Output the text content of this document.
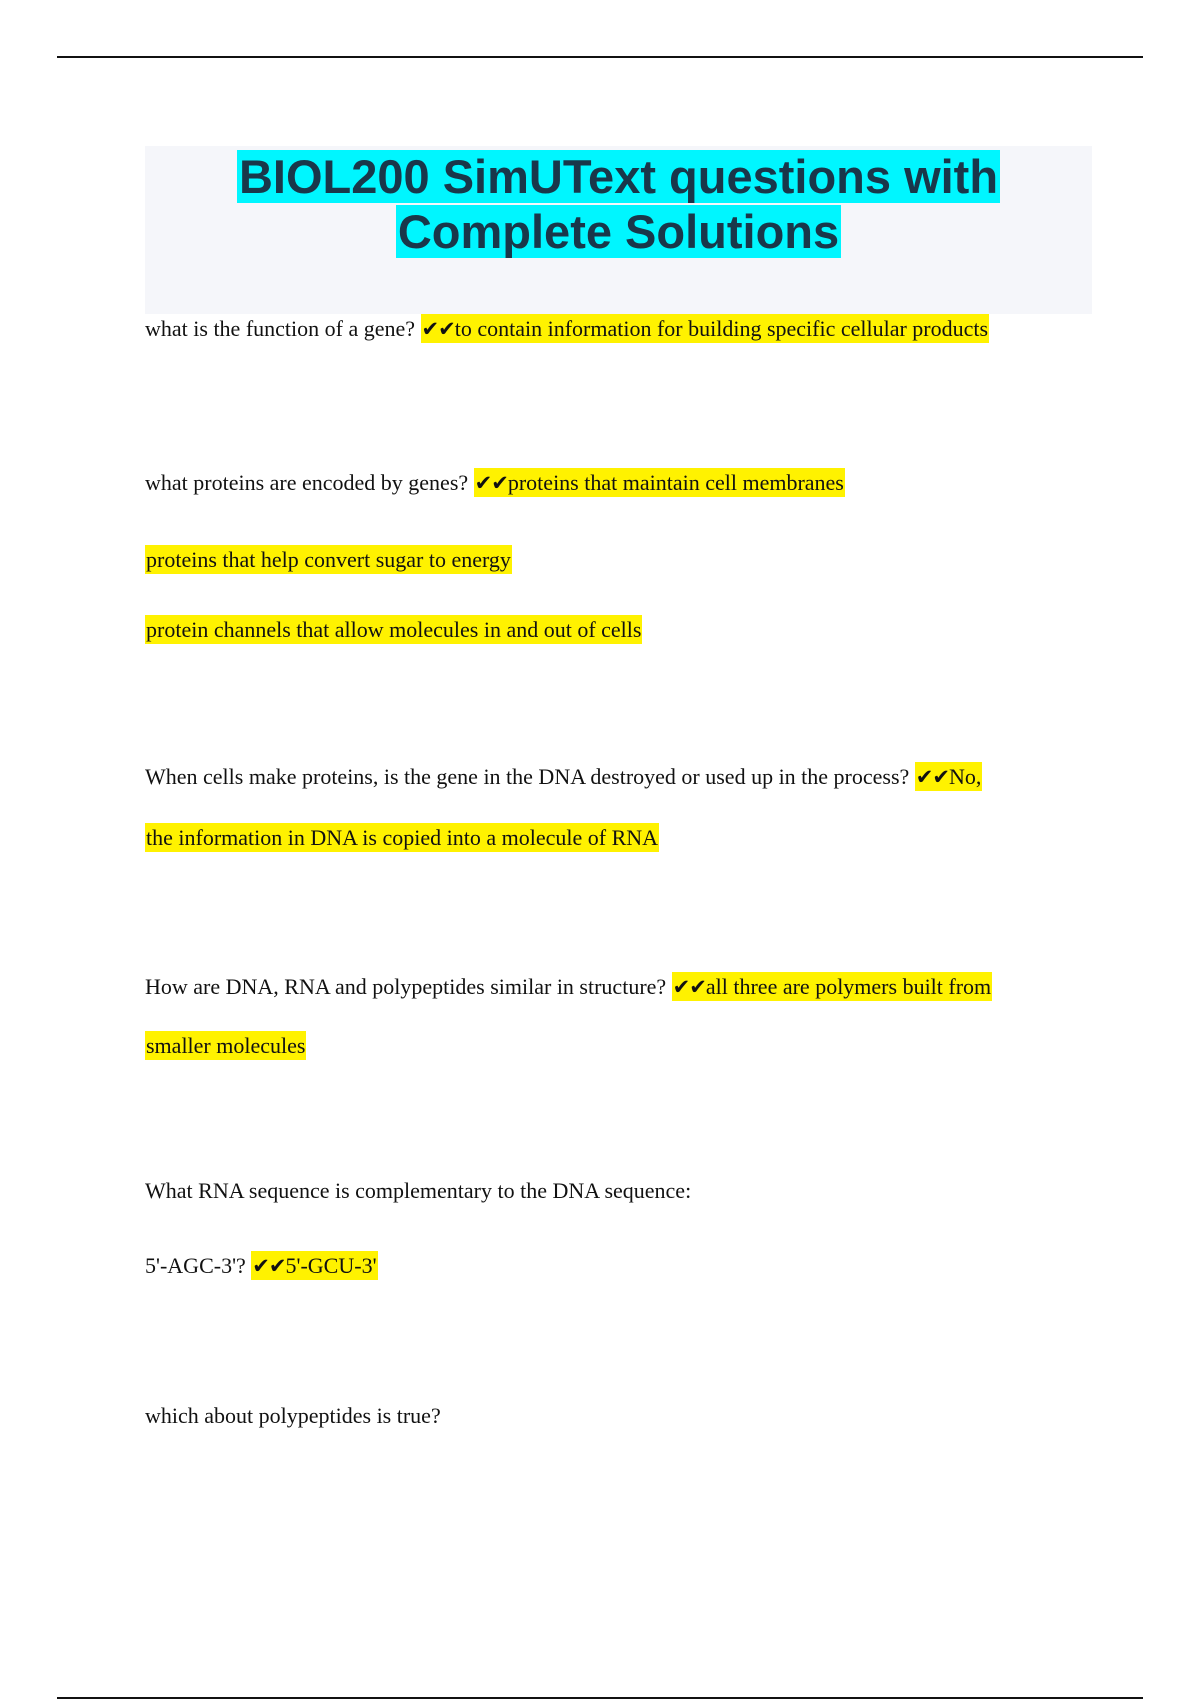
BIOL200 SimUText questions with
Complete Solutions
what is the function of a gene? ✔✔to contain information for building specific cellular products
what proteins are encoded by genes? ✔✔proteins that maintain cell membranes
proteins that help convert sugar to energy
protein channels that allow molecules in and out of cells
When cells make proteins, is the gene in the DNA destroyed or used up in the process? ✔✔No,
the information in DNA is copied into a molecule of RNA
How are DNA, RNA and polypeptides similar in structure? ✔✔all three are polymers built from
smaller molecules
What RNA sequence is complementary to the DNA sequence:
5'-AGC-3'? ✔✔5'-GCU-3'
which about polypeptides is true?
